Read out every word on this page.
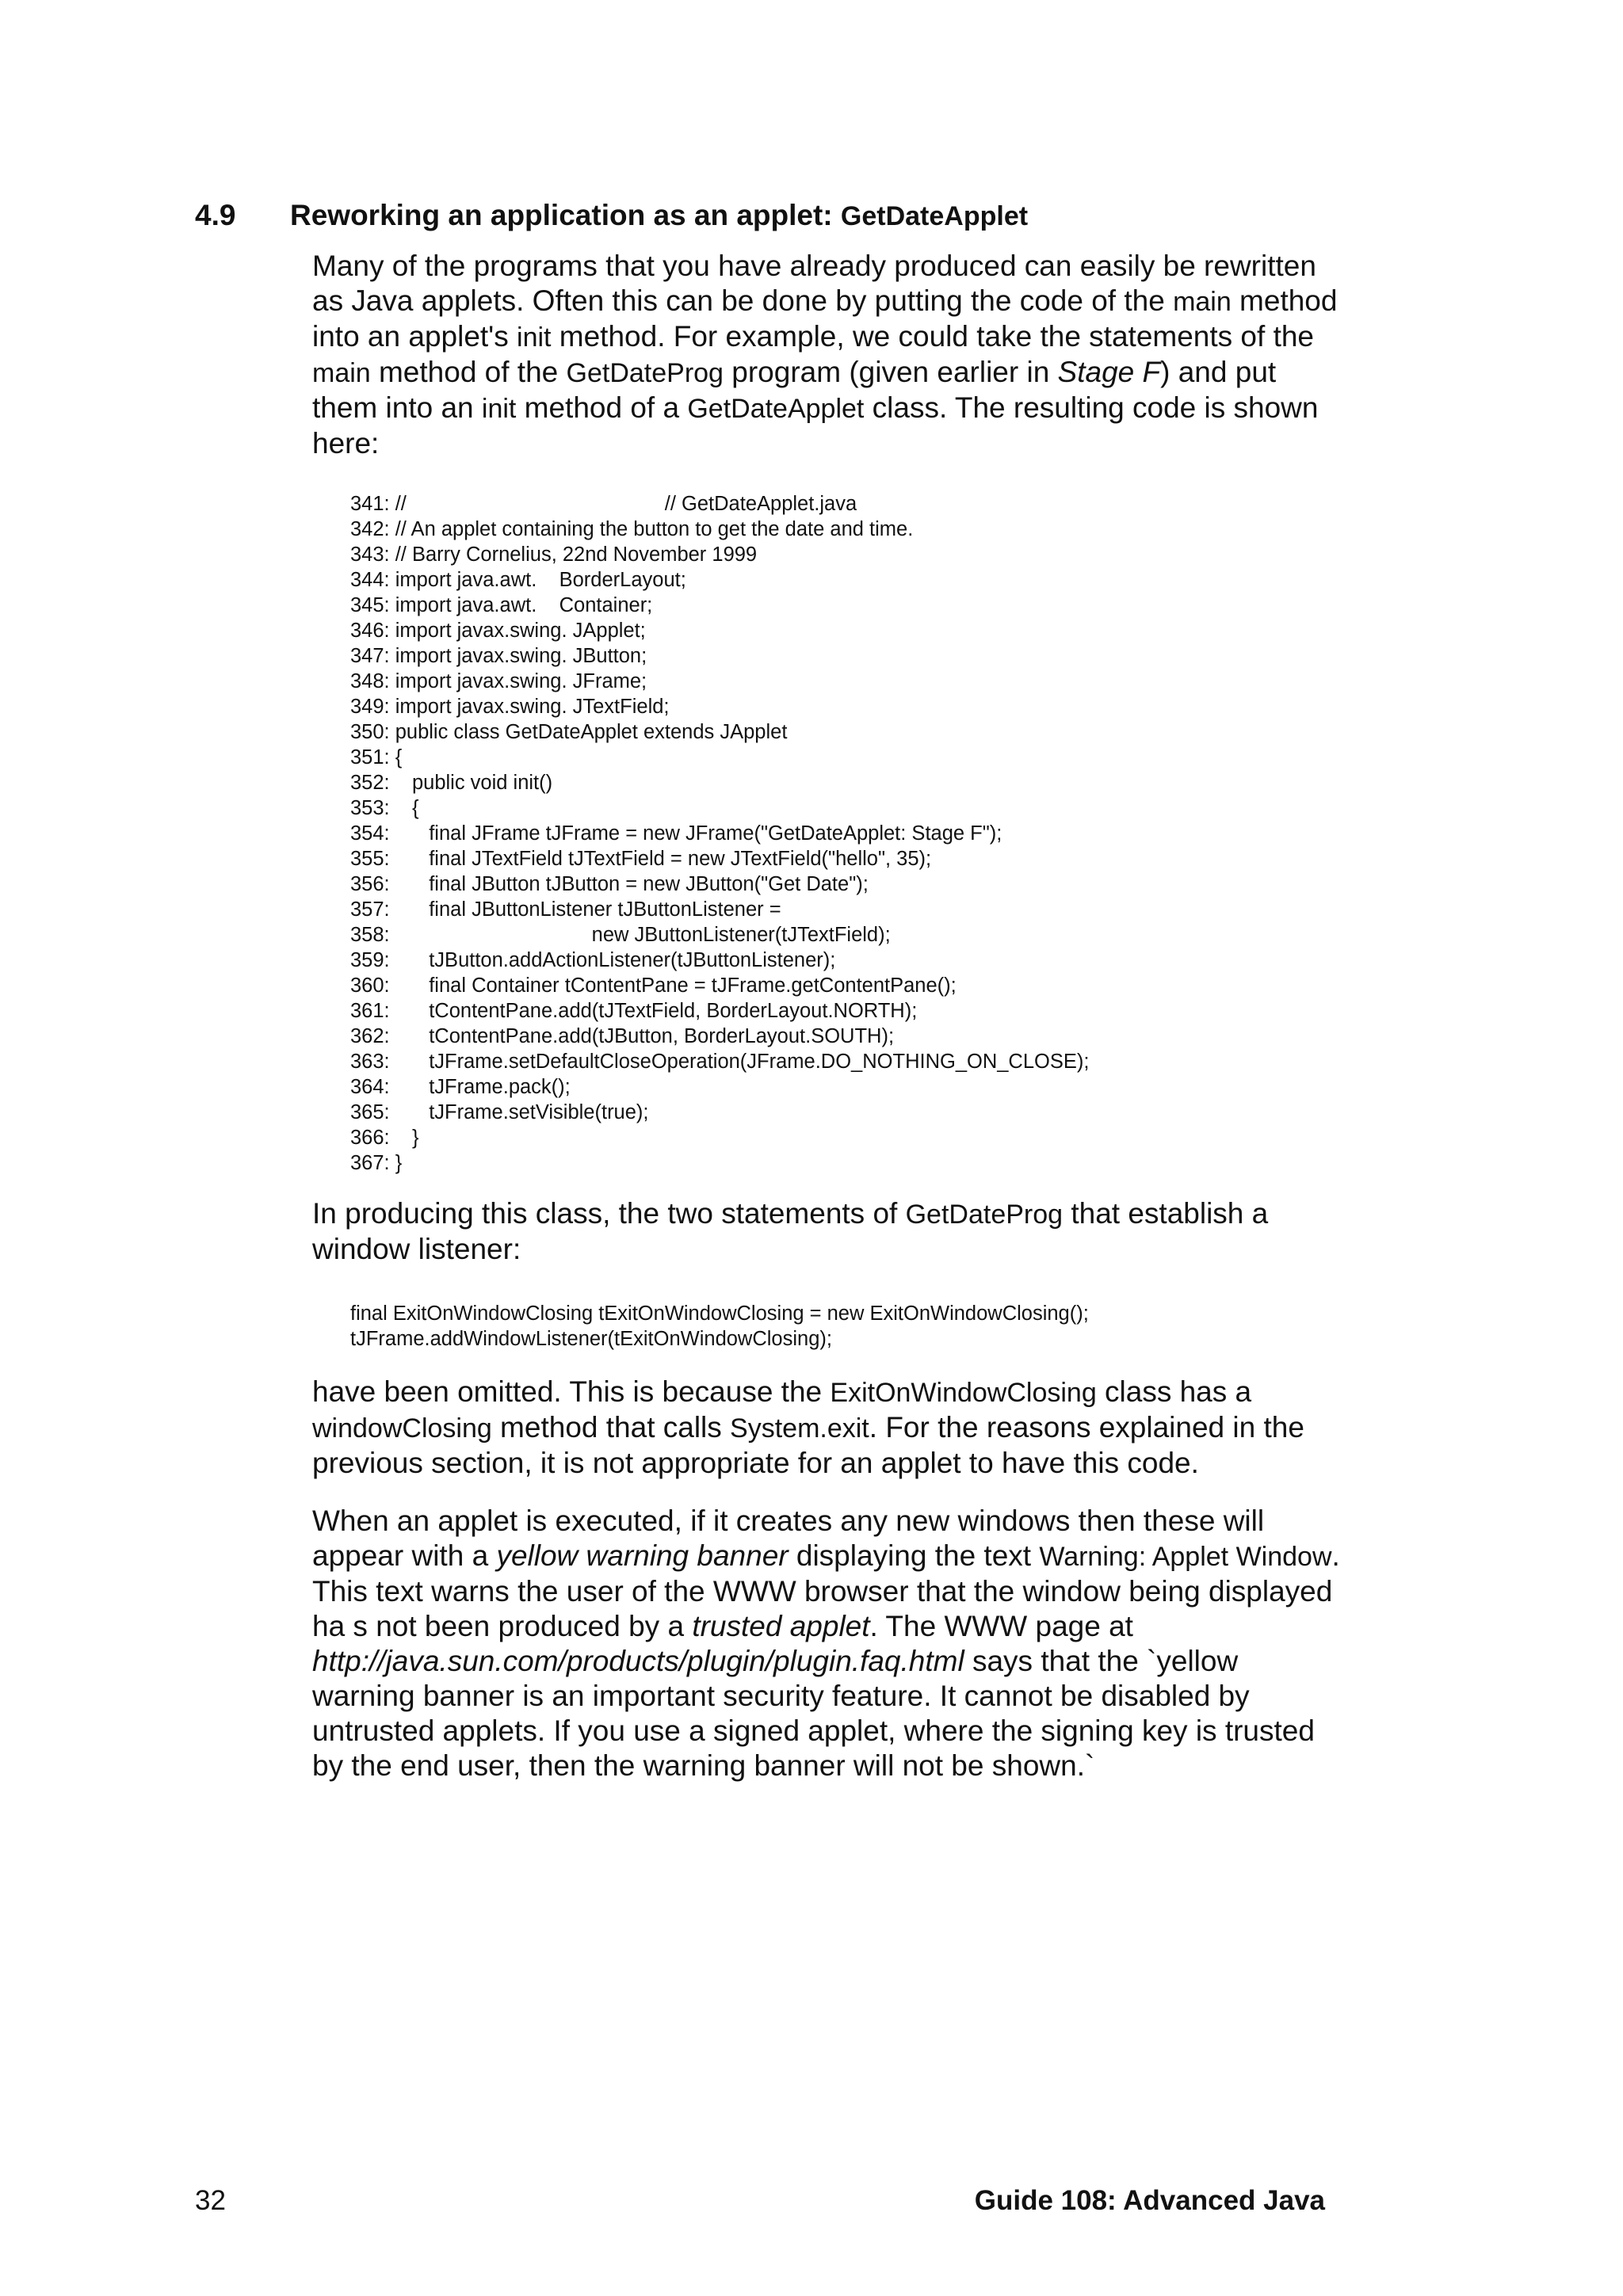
4.9 Reworking an application as an applet: GetDateApplet

Many of the programs that you have already produced can easily be rewritten as Java applets. Often this can be done by putting the code of the main method into an applet's init method. For example, we could take the statements of the main method of the GetDateProg program (given earlier in Stage F) and put them into an init method of a GetDateApplet class. The resulting code is shown here:

341: //                                              // GetDateApplet.java
342: // An applet containing the button to get the date and time.
343: // Barry Cornelius, 22nd November 1999
344: import java.awt.    BorderLayout;
345: import java.awt.    Container;
346: import javax.swing. JApplet;
347: import javax.swing. JButton;
348: import javax.swing. JFrame;
349: import javax.swing. JTextField;
350: public class GetDateApplet extends JApplet
351: {
352:    public void init()
353:    {
354:       final JFrame tJFrame = new JFrame("GetDateApplet: Stage F");
355:       final JTextField tJTextField = new JTextField("hello", 35);
356:       final JButton tJButton = new JButton("Get Date");
357:       final JButtonListener tJButtonListener =
358:                                    new JButtonListener(tJTextField);
359:       tJButton.addActionListener(tJButtonListener);
360:       final Container tContentPane = tJFrame.getContentPane();
361:       tContentPane.add(tJTextField, BorderLayout.NORTH);
362:       tContentPane.add(tJButton, BorderLayout.SOUTH);
363:       tJFrame.setDefaultCloseOperation(JFrame.DO_NOTHING_ON_CLOSE);
364:       tJFrame.pack();
365:       tJFrame.setVisible(true);
366:    }
367: }

In producing this class, the two statements of GetDateProg that establish a window listener:

final ExitOnWindowClosing tExitOnWindowClosing = new ExitOnWindowClosing();
tJFrame.addWindowListener(tExitOnWindowClosing);

have been omitted. This is because the ExitOnWindowClosing class has a windowClosing method that calls System.exit. For the reasons explained in the previous section, it is not appropriate for an applet to have this code.

When an applet is executed, if it creates any new windows then these will appear with a yellow warning banner displaying the text Warning: Applet Window. This text warns the user of the WWW browser that the window being displayed ha s not been produced by a trusted applet. The WWW page at http://java.sun.com/products/plugin/plugin.faq.html says that the `yellow warning banner is an important security feature. It cannot be disabled by untrusted applets. If you use a signed applet, where the signing key is trusted by the end user, then the warning banner will not be shown.`

32	Guide 108: Advanced Java
